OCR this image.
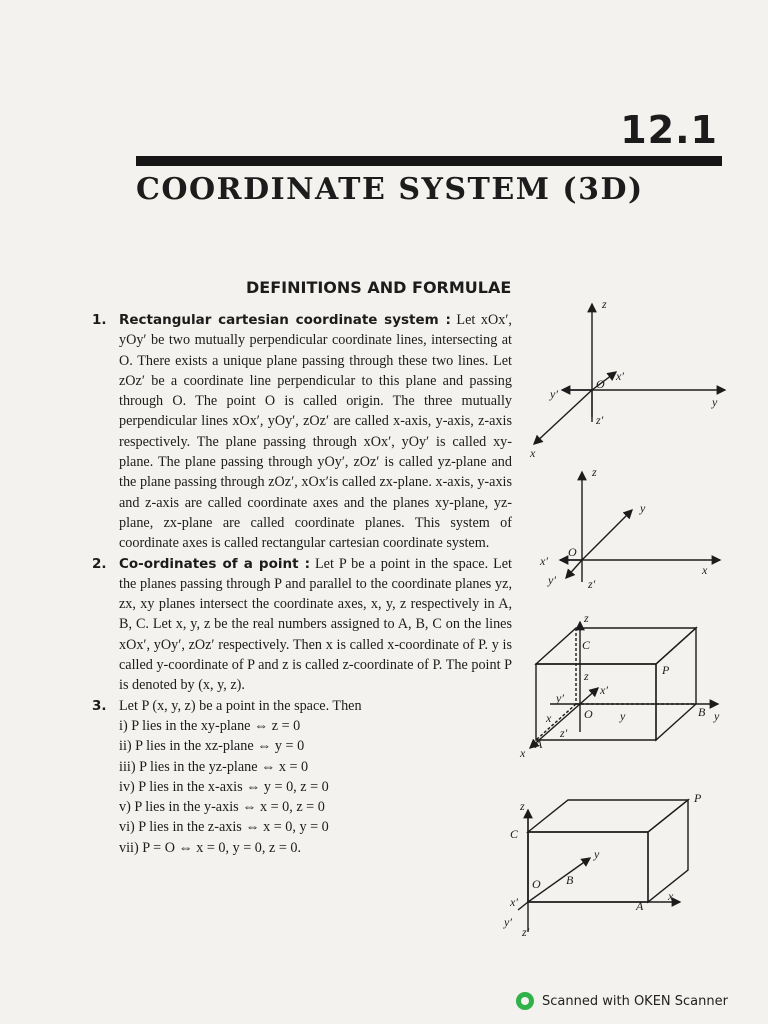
12.1
COORDINATE SYSTEM (3D)
DEFINITIONS AND FORMULAE
1. Rectangular cartesian coordinate system : Let xOx′, yOy′ be two mutually perpendicular coordinate lines, intersecting at O. There exists a unique plane passing through these two lines. Let zOz′ be a coordinate line perpendicular to this plane and passing through O. The point O is called origin. The three mutually perpendicular lines xOx′, yOy′, zOz′ are called x-axis, y-axis, z-axis respectively. The plane passing through xOx′, yOy′ is called xy-plane. The plane passing through yOy′, zOz′ is called yz-plane and the plane passing through zOz′, xOx′is called zx-plane. x-axis, y-axis and z-axis are called coordinate axes and the planes xy-plane, yz-plane, zx-plane are called coordinate planes. This system of coordinate axes is called rectangular cartesian coordinate system.
2. Co-ordinates of a point : Let P be a point in the space. Let the planes passing through P and parallel to the coordinate planes yz, zx, xy planes intersect the coordinate axes, x, y, z respectively in A, B, C. Let x, y, z be the real numbers assigned to A, B, C on the lines xOx′, yOy′, zOz′ respectively. Then x is called x-coordinate of P. y is called y-coordinate of P and z is called z-coordinate of P. The point P is denoted by (x, y, z).
3. Let P (x, y, z) be a point in the space. Then
i) P lies in the xy-plane ⇔ z = 0
ii) P lies in the xz-plane ⇔ y = 0
iii) P lies in the yz-plane ⇔ x = 0
iv) P lies in the x-axis ⇔ y = 0, z = 0
v) P lies in the y-axis ⇔ x = 0, z = 0
vi) P lies in the z-axis ⇔ x = 0, y = 0
vii) P = O ⇔ x = 0, y = 0, z = 0.
z
z′
y
y′
x
x′
O
z
z′
y
y′
x
x′
O
z
C
P
B y
A
x
O
y′
x′
z′
z
y
x
z
C
P
y
B
A
x
O
x′
y′
z′
Scanned with OKEN Scanner
